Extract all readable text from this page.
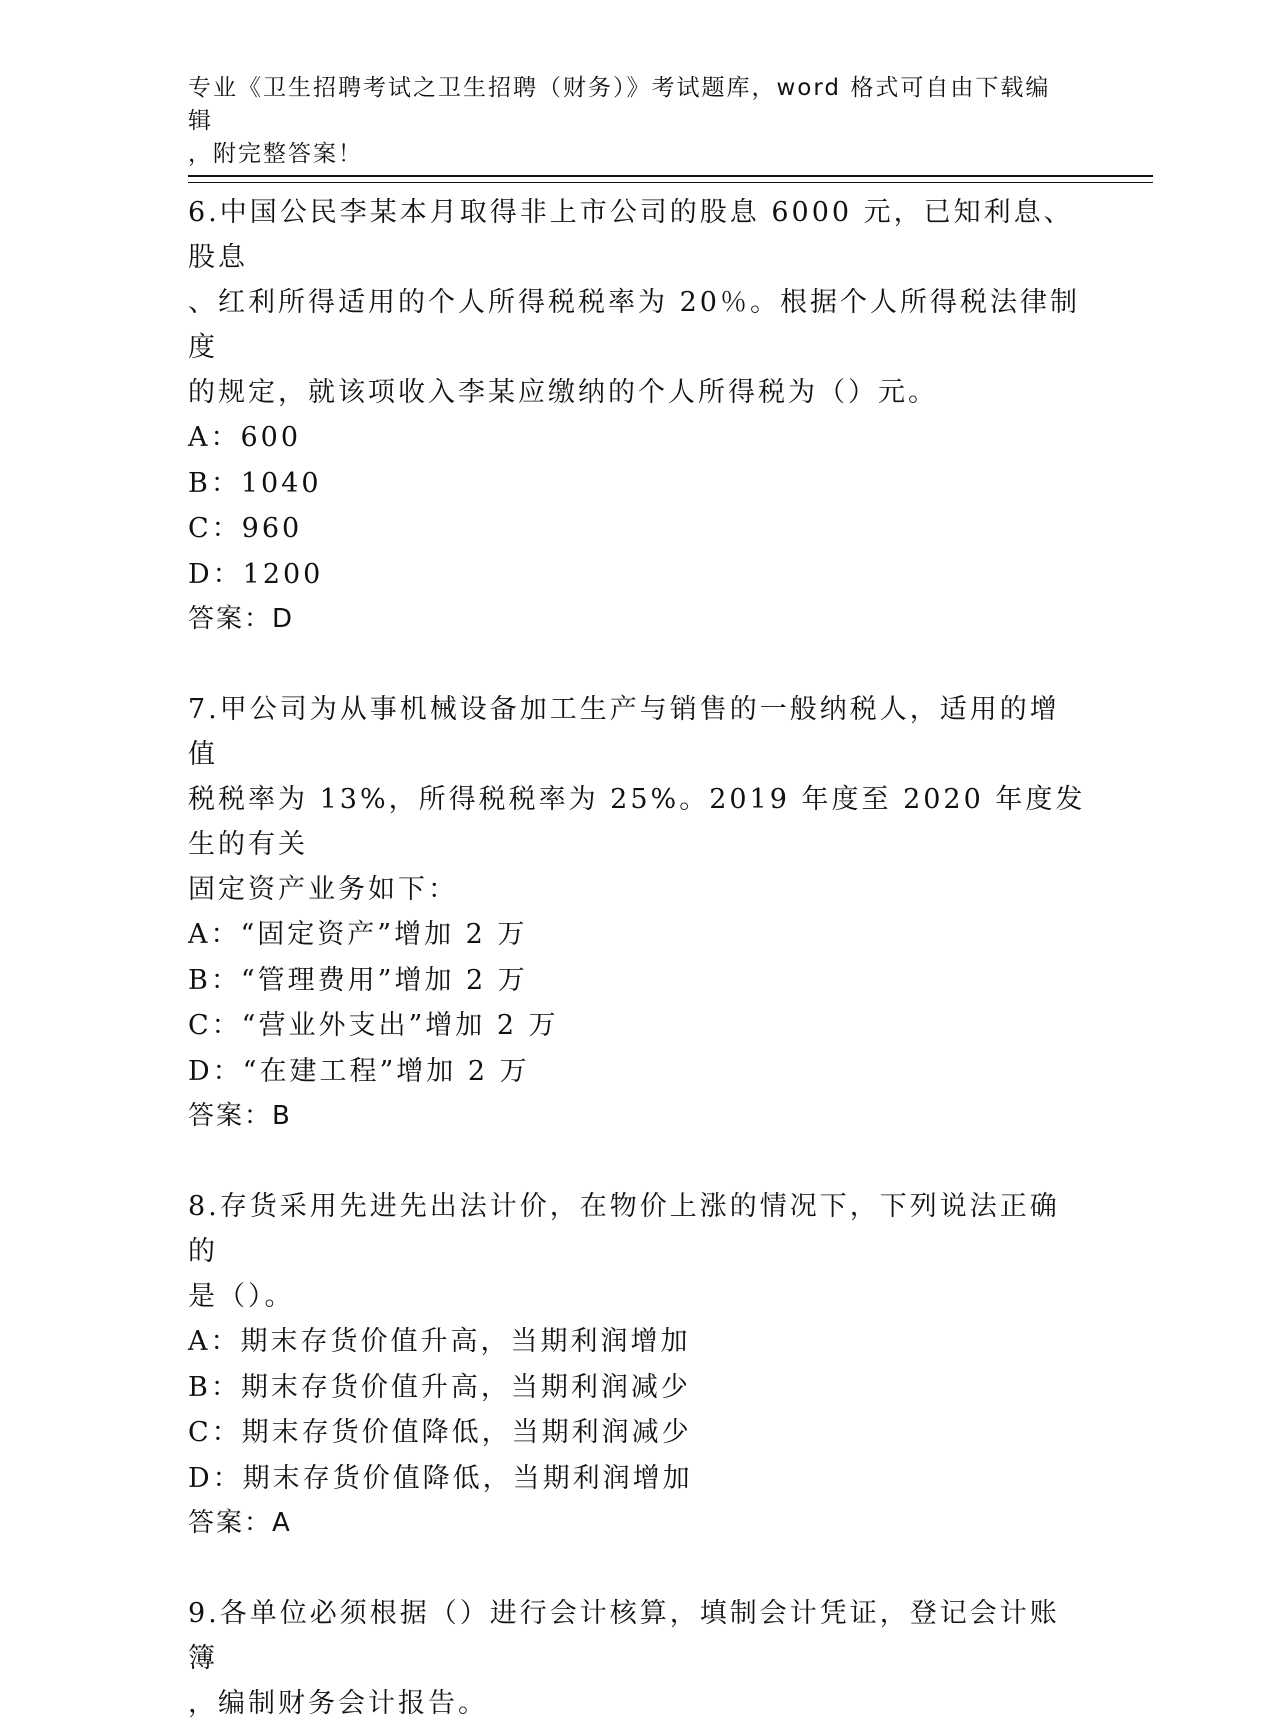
专业《卫生招聘考试之卫生招聘（财务）》考试题库，word 格式可自由下载编辑
，附完整答案！
6.中国公民李某本月取得非上市公司的股息 6000 元，已知利息、股息
、红利所得适用的个人所得税税率为 20％。根据个人所得税法律制度
的规定，就该项收入李某应缴纳的个人所得税为（）元。
A：600
B：1040
C：960
D：1200
答案：D
7.甲公司为从事机械设备加工生产与销售的一般纳税人，适用的增值
税税率为 13%，所得税税率为 25%。2019 年度至 2020 年度发生的有关
固定资产业务如下：
A：“固定资产”增加 2 万
B：“管理费用”增加 2 万
C：“营业外支出”增加 2 万
D：“在建工程”增加 2 万
答案：B
8.存货采用先进先出法计价，在物价上涨的情况下，下列说法正确的
是（）。
A：期末存货价值升高，当期利润增加
B：期末存货价值升高，当期利润减少
C：期末存货价值降低，当期利润减少
D：期末存货价值降低，当期利润增加
答案：A
9.各单位必须根据（）进行会计核算，填制会计凭证，登记会计账簿
，编制财务会计报告。
